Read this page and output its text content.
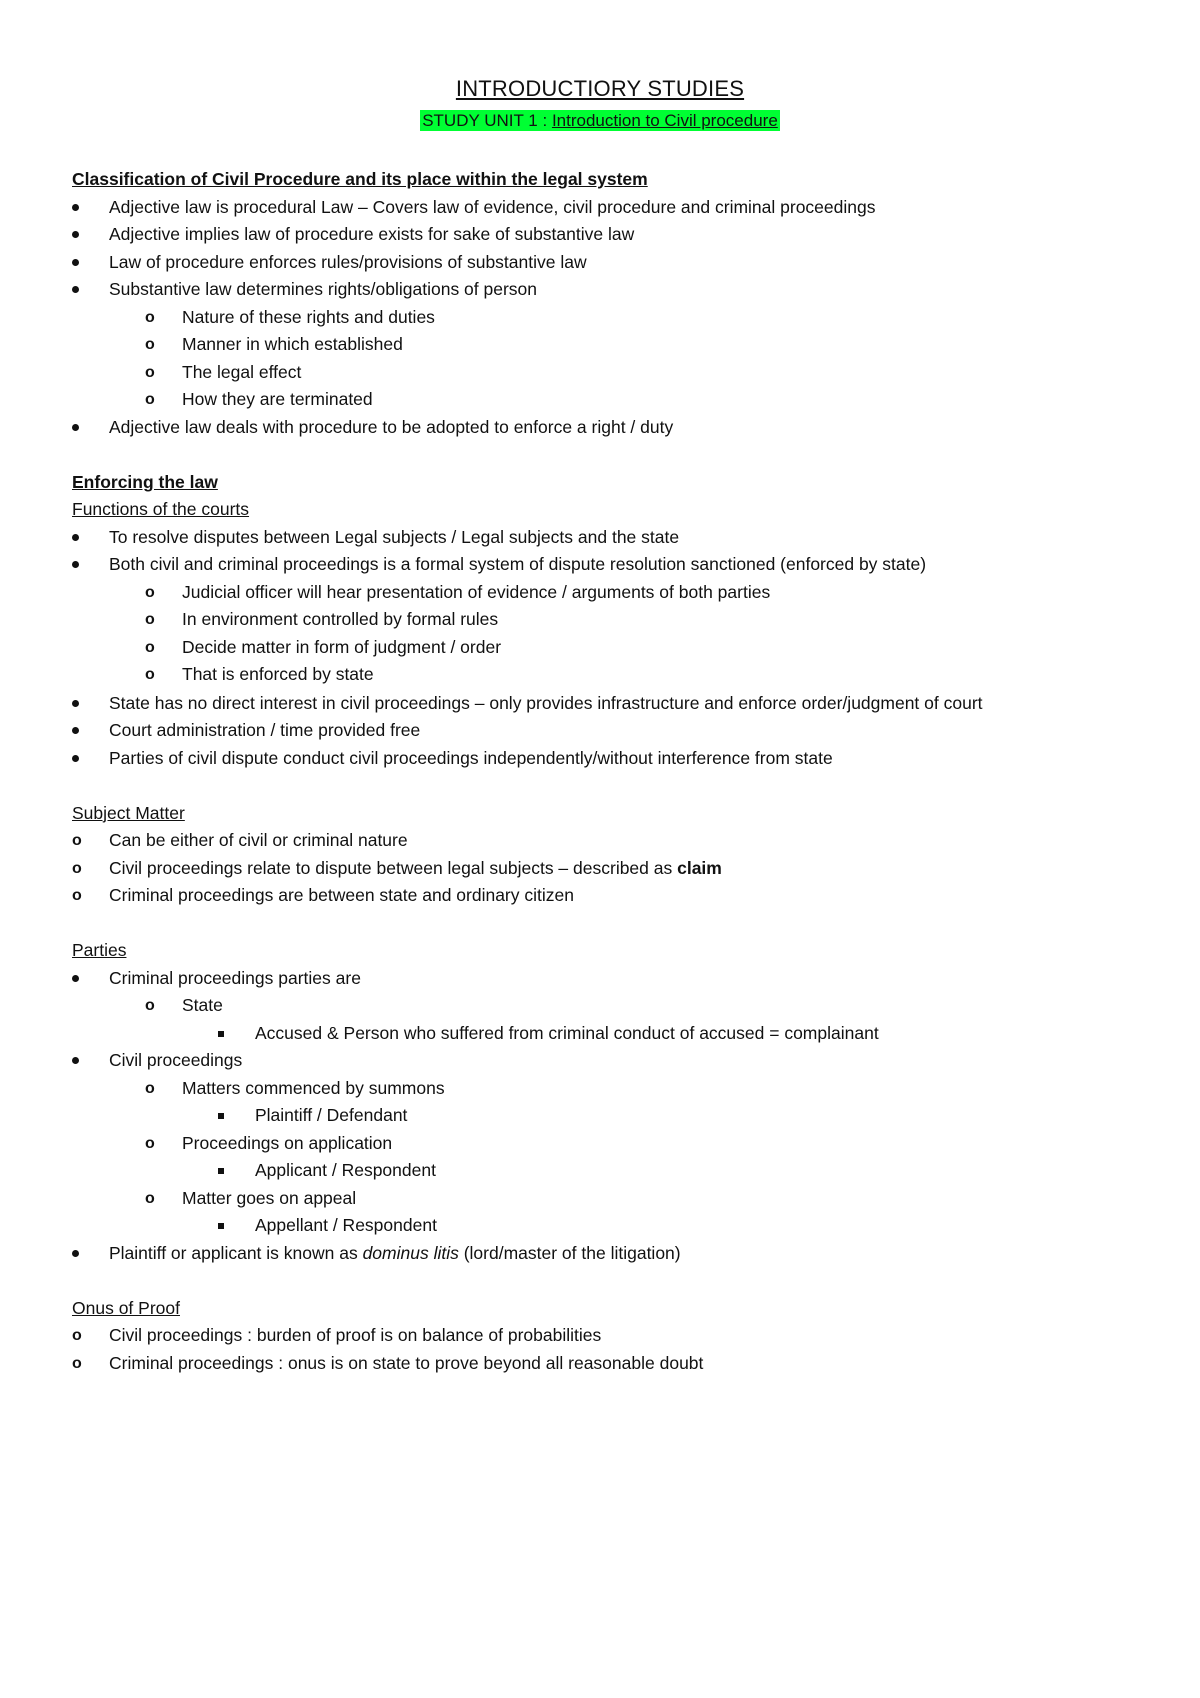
INTRODUCTIORY STUDIES
STUDY UNIT 1 : Introduction to Civil procedure
Classification of Civil Procedure and its place within the legal system
Adjective law is procedural Law – Covers law of evidence, civil procedure and criminal proceedings
Adjective implies law of procedure exists for sake of substantive law
Law of procedure enforces rules/provisions of substantive law
Substantive law determines rights/obligations of person
o Nature of these rights and duties
o Manner in which established
o The legal effect
o How they are terminated
Adjective law deals with procedure to be adopted to enforce a right / duty
Enforcing the law
Functions of the courts
To resolve disputes between Legal subjects / Legal subjects and the state
Both civil and criminal proceedings is a formal system of dispute resolution sanctioned (enforced by state)
o Judicial officer will hear presentation of evidence / arguments of both parties
o In environment controlled by formal rules
o Decide matter in form of judgment / order
o That is enforced by state
State has no direct interest in civil proceedings – only provides infrastructure and enforce order/judgment of court
Court administration / time provided free
Parties of civil dispute conduct civil proceedings independently/without interference from state
Subject Matter
o Can be either of civil or criminal nature
o Civil proceedings relate to dispute between legal subjects – described as claim
o Criminal proceedings are between state and ordinary citizen
Parties
Criminal proceedings parties are
o State
Accused & Person who suffered from criminal conduct of accused = complainant
Civil proceedings
o Matters commenced by summons
Plaintiff / Defendant
o Proceedings on application
Applicant / Respondent
o Matter goes on appeal
Appellant / Respondent
Plaintiff or applicant is known as dominus litis (lord/master of the litigation)
Onus of Proof
o Civil proceedings : burden of proof is on balance of probabilities
o Criminal proceedings : onus is on state to prove beyond all reasonable doubt
